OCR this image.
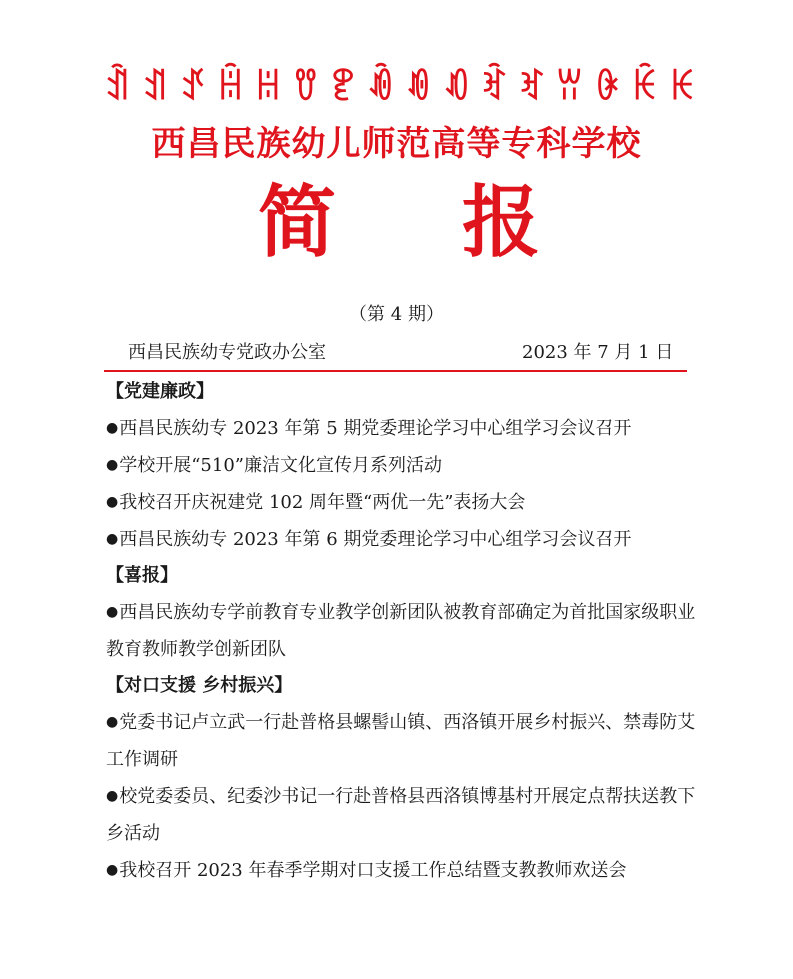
ꀉ ꀊ ꀋ ꀌ ꀍ ꀎ ꀏ ꀐ ꀑ ꀒ ꀓ ꀔ ꀕ ꀖ ꀗ ꀘ
西昌民族幼儿师范高等专科学校
简 报
（第 4 期）
西昌民族幼专党政办公室	2023 年 7 月 1 日
【党建廉政】
●西昌民族幼专 2023 年第 5 期党委理论学习中心组学习会议召开
●学校开展“510”廉洁文化宣传月系列活动
●我校召开庆祝建党 102 周年暨“两优一先”表扬大会
●西昌民族幼专 2023 年第 6 期党委理论学习中心组学习会议召开
【喜报】
●西昌民族幼专学前教育专业教学创新团队被教育部确定为首批国家级职业教育教师教学创新团队
【对口支援 乡村振兴】
●党委书记卢立武一行赴普格县螺髻山镇、西洛镇开展乡村振兴、禁毒防艾工作调研
●校党委委员、纪委沙书记一行赴普格县西洛镇博基村开展定点帮扶送教下乡活动
●我校召开 2023 年春季学期对口支援工作总结暨支教教师欢送会
